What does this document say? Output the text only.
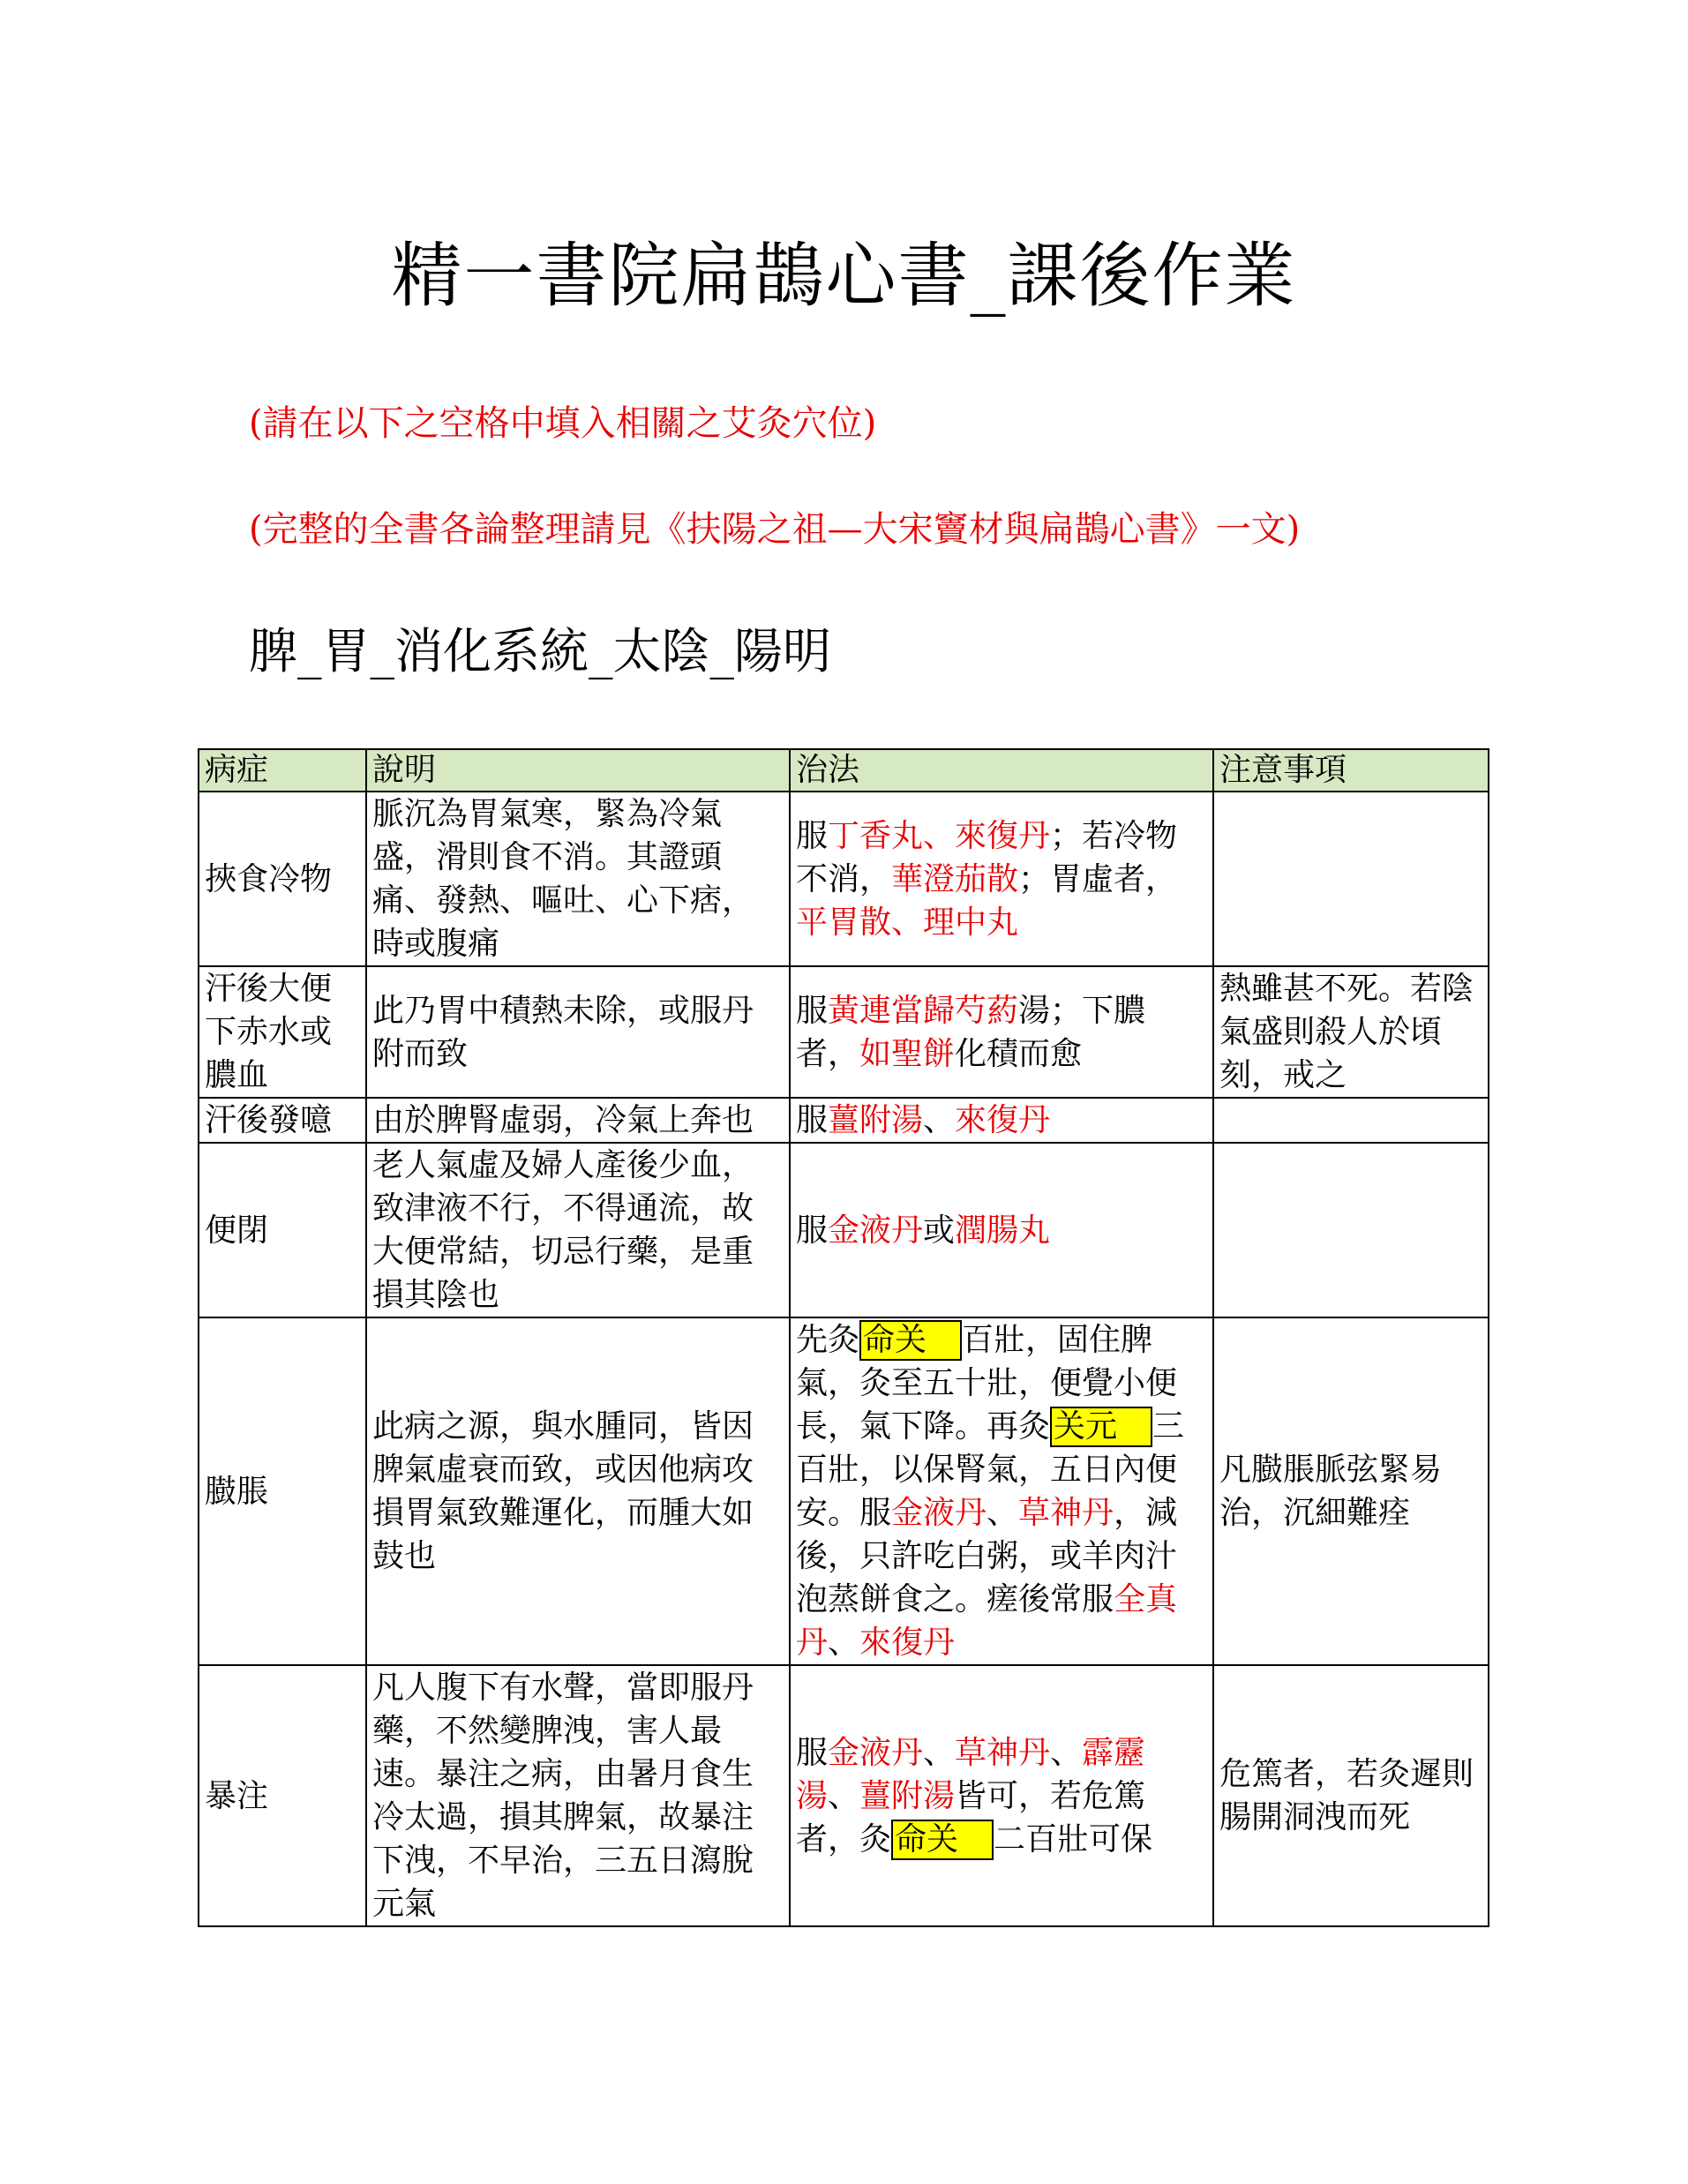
精一書院扁鵲心書_課後作業
(請在以下之空格中填入相關之艾灸穴位)
(完整的全書各論整理請見《扶陽之祖—大宋竇材與扁鵲心書》一文)
脾_胃_消化系統_太陰_陽明
病症	說明	治法	注意事項
挾食冷物	脈沉為胃氣寒，緊為冷氣盛，滑則食不消。其證頭痛、發熱、嘔吐、心下痞，時或腹痛	服丁香丸、來復丹；若冷物不消，華澄茄散；胃虛者，平胃散、理中丸	
汗後大便下赤水或膿血	此乃胃中積熱未除，或服丹附而致	服黃連當歸芍葯湯；下膿者，如聖餅化積而愈	熱雖甚不死。若陰氣盛則殺人於頃刻，戒之
汗後發噫	由於脾腎虛弱，冷氣上奔也	服薑附湯、來復丹	
便閉	老人氣虛及婦人產後少血，致津液不行，不得通流，故大便常結，切忌行藥，是重損其陰也	服金液丹或潤腸丸	
臌脹	此病之源，與水腫同，皆因脾氣虛衰而致，或因他病攻損胃氣致難運化，而腫大如鼓也	先灸 命关 百壯，固住脾氣，灸至五十壯，便覺小便長，氣下降。再灸 关元 三百壯，以保腎氣，五日內便安。服金液丹、草神丹，減後，只許吃白粥，或羊肉汁泡蒸餅食之。瘥後常服全真丹、來復丹	凡臌脹脈弦緊易治，沉細難痊
暴注	凡人腹下有水聲，當即服丹藥，不然變脾洩，害人最速。暴注之病，由暑月食生冷太過，損其脾氣，故暴注下洩，不早治，三五日瀉脫元氣	服金液丹、草神丹、霹靂湯、薑附湯皆可，若危篤者，灸 命关 二百壯可保	危篤者，若灸遲則腸開洞洩而死
